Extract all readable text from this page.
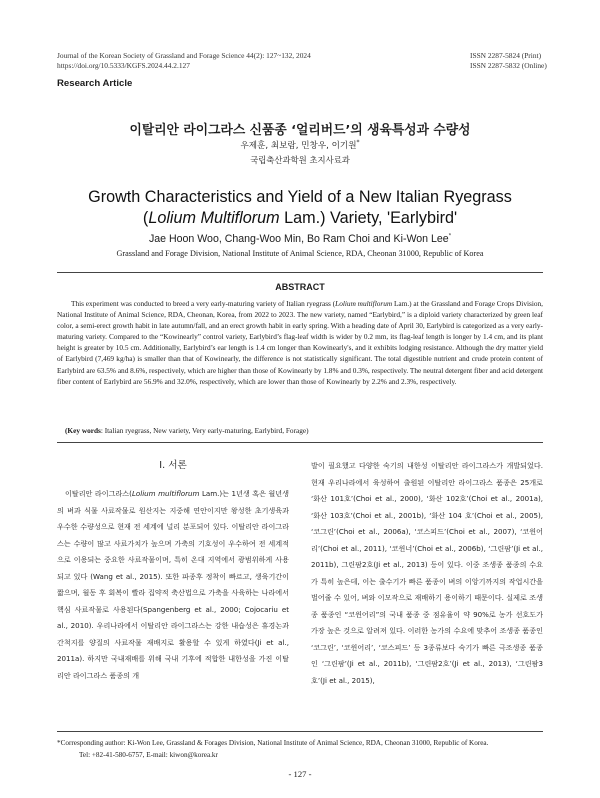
Journal of the Korean Society of Grassland and Forage Science 44(2): 127~132, 2024
https://doi.org/10.5333/KGFS.2024.44.2.127
ISSN 2287-5824 (Print)
ISSN 2287-5832 (Online)
Research Article
이탈리안 라이그라스 신품종 ‘얼리버드’의 생육특성과 수량성
우제훈, 최보람, 민창우, 이기원*
국립축산과학원 초지사료과
Growth Characteristics and Yield of a New Italian Ryegrass
(Lolium Multiflorum Lam.) Variety, 'Earlybird'
Jae Hoon Woo, Chang-Woo Min, Bo Ram Choi and Ki-Won Lee*
Grassland and Forage Division, National Institute of Animal Science, RDA, Cheonan 31000, Republic of Korea
ABSTRACT
This experiment was conducted to breed a very early-maturing variety of Italian ryegrass (Lolium multiflorum Lam.) at the Grassland and Forage Crops Division, National Institute of Animal Science, RDA, Cheonan, Korea, from 2022 to 2023. The new variety, named “Earlybird,” is a diploid variety characterized by green leaf color, a semi-erect growth habit in late autumn/fall, and an erect growth habit in early spring. With a heading date of April 30, Earlybird is categorized as a very early-maturing variety. Compared to the “Kowinearly” control variety, Earlybird’s flag-leaf width is wider by 0.2 mm, its flag-leaf length is longer by 1.4 cm, and its plant height is greater by 10.5 cm. Additionally, Earlybird’s ear length is 1.4 cm longer than Kowinearly's, and it exhibits lodging resistance. Although the dry matter yield of Earlybird (7,469 kg/ha) is smaller than that of Kowinearly, the difference is not statistically significant. The total digestible nutrient and crude protein content of Earlybird are 63.5% and 8.6%, respectively, which are higher than those of Kowinearly by 1.8% and 0.3%, respectively. The neutral detergent fiber and acid detergent fiber content of Earlybird are 56.9% and 32.0%, respectively, which are lower than those of Kowinearly by 2.2% and 2.3%, respectively.
(Key words: Italian ryegrass, New variety, Very early-maturing, Earlybird, Forage)
Ⅰ. 서론
이탈리안 라이그라스(Lolium multiflorum Lam.)는 1년생 혹은 월년생의 벼과 식물 사료작물로 원산지는 지중해 연안이지만 왕성한 초기생육과 우수한 수량성으로 현재 전 세계에 널리 분포되어 있다. 이탈리안 라이그라스는 수량이 많고 사료가치가 높으며 가축의 기호성이 우수하여 전 세계적으로 이용되는 중요한 사료작물이며, 특히 온대 지역에서 광범위하게 사용되고 있다 (Wang et al., 2015). 또한 파종후 정착이 빠르고, 생육기간이 짧으며, 월동 후 회복이 빨라 집약적 축산법으로 가축을 사육하는 나라에서 핵심 사료작물로 사용된다(Spangenberg et al., 2000; Cojocariu et al., 2010). 우리나라에서 이탈리안 라이그라스는 강한 내습성은 휴경논과 간척지를 양질의 사료작물 재배지로 활용할 수 있게 하였다(Ji et al., 2011a). 하지만 국내재배를 위해 국내 기후에 적합한 내한성을 가진 이탈리안 라이그라스 품종의 개
발이 필요했고 다양한 숙기의 내한성 이탈리안 라이그라스가 개발되었다. 현재 우리나라에서 육성하여 출원된 이탈리안 라이그라스 품종은 25개로 ‘화산 101호’(Choi et al., 2000), ‘화산 102호’(Choi et al., 2001a), ‘화산 103호’(Choi et al., 2001b), ‘화산 104 호’(Choi et al., 2005), ‘코그린’(Choi et al., 2006a), ‘코스피드’(Choi et al., 2007), ‘코윈어리’(Choi et al., 2011), ‘코윈너’(Choi et al., 2006b), ‘그린팜’(Ji et al., 2011b), 그린팜2호(Ji et al., 2013) 등이 있다. 이중 조생종 품종의 수요가 특히 높은데, 이는 출수기가 빠른 품종이 벼의 이앙기까지의 작업시간을 벌어줄 수 있어, 벼와 이모작으로 재배하기 용이하기 때문이다. 실제로 조생종 품종인 “코윈어리”의 국내 품종 중 점유율이 약 90%로 농가 선호도가 가장 높은 것으로 알려져 있다. 이러한 농가의 수요에 맞추어 조생종 품종인 ‘코그린’, ‘코윈어리’, ‘코스피드’ 등 3종류보다 숙기가 빠른 극조생종 품종인 ‘그린팜’(Ji et al., 2011b), ‘그린팜2호’(Ji et al., 2013), ‘그린팜3호’(Ji et al., 2015),
*Corresponding author: Ki-Won Lee, Grassland & Forages Division, National Institute of Animal Science, RDA, Cheonan 31000, Republic of Korea.
Tel: +82-41-580-6757, E-mail: kiwon@korea.kr
- 127 -
